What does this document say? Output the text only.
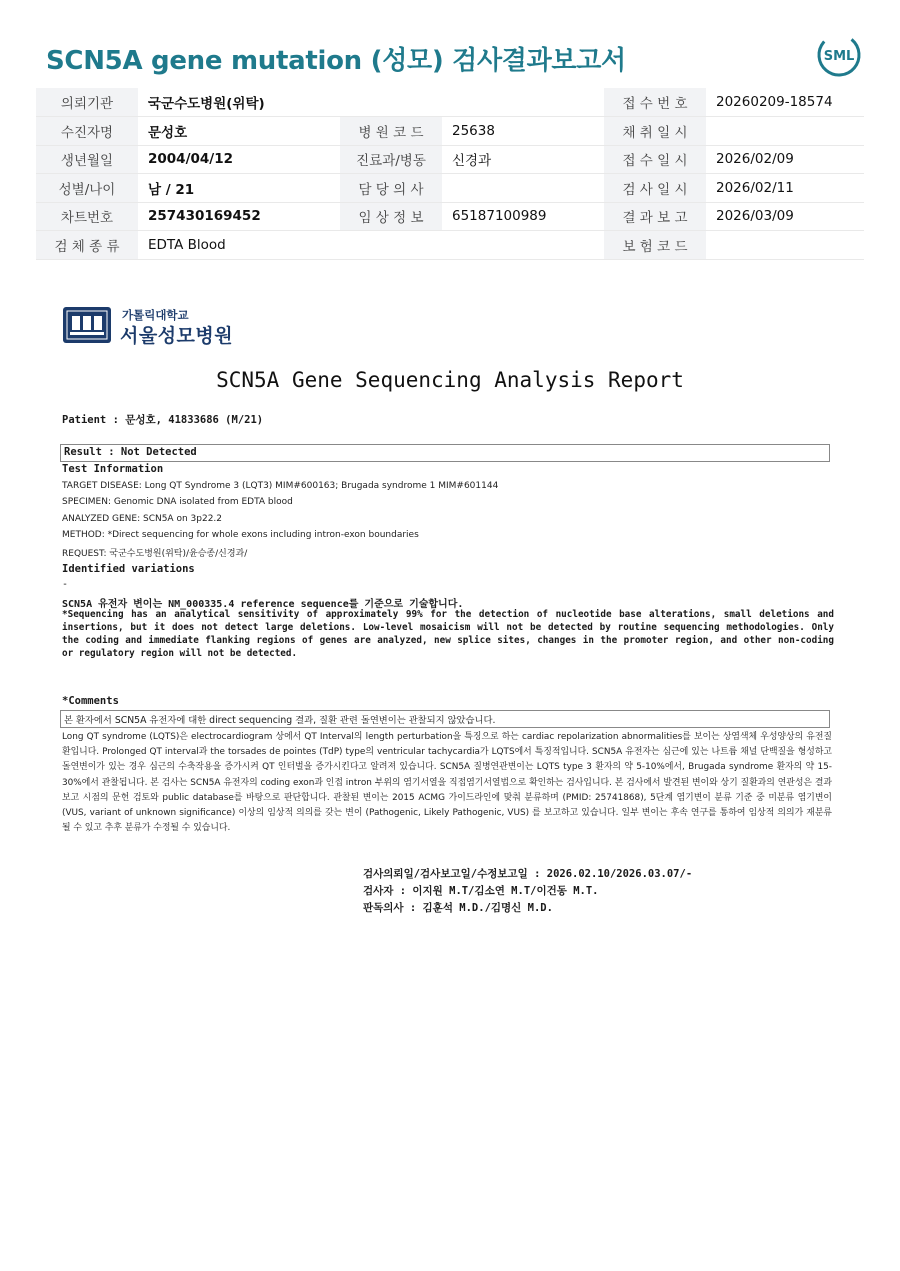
SCN5A gene mutation (성모) 검사결과보고서	SML
의뢰기관	국군수도병원(위탁)			접 수 번 호	20260209-18574
수진자명	문성호	병 원 코 드	25638	채 취 일 시	
생년월일	2004/04/12	진료과/병동	신경과	접 수 일 시	2026/02/09
성별/나이	남 / 21	담 당 의 사		검 사 일 시	2026/02/11
차트번호	257430169452	임 상 정 보	65187100989	결 과 보 고	2026/03/09
검 체 종 류	EDTA Blood			보 험 코 드	
가톨릭대학교
서울성모병원
SCN5A Gene Sequencing Analysis Report
Patient : 문성호, 41833686 (M/21)
Result : Not Detected
Test Information
TARGET DISEASE: Long QT Syndrome 3 (LQT3) MIM#600163; Brugada syndrome 1 MIM#601144
SPECIMEN: Genomic DNA isolated from EDTA blood
ANALYZED GENE: SCN5A on 3p22.2
METHOD: *Direct sequencing for whole exons including intron-exon boundaries
REQUEST: 국군수도병원(위탁)/윤승종/신경과/
Identified variations
-
SCN5A 유전자 변이는 NM_000335.4 reference sequence를 기준으로 기술합니다.
*Sequencing has an analytical sensitivity of approximately 99% for the detection of nucleotide base alterations, small deletions and insertions, but it does not detect large deletions. Low-level mosaicism will not be detected by routine sequencing methodologies. Only the coding and immediate flanking regions of genes are analyzed, new splice sites, changes in the promoter region, and other non-coding or regulatory region will not be detected.
*Comments
본 환자에서 SCN5A 유전자에 대한 direct sequencing 결과, 질환 관련 돌연변이는 관찰되지 않았습니다.
Long QT syndrome (LQTS)은 electrocardiogram 상에서 QT Interval의 length perturbation을 특징으로 하는 cardiac repolarization abnormalities를 보이는 상염색체 우성양상의 유전질환입니다. Prolonged QT interval과 the torsades de pointes (TdP) type의 ventricular tachycardia가 LQTS에서 특징적입니다. SCN5A 유전자는 심근에 있는 나트륨 채널 단백질을 형성하고 돌연변이가 있는 경우 심근의 수축작용을 증가시켜 QT 인터벌을 증가시킨다고 알려져 있습니다. SCN5A 질병연관변이는 LQTS type 3 환자의 약 5-10%에서, Brugada syndrome 환자의 약 15-30%에서 관찰됩니다. 본 검사는 SCN5A 유전자의 coding exon과 인접 intron 부위의 염기서열을 직접염기서열법으로 확인하는 검사입니다. 본 검사에서 발견된 변이와 상기 질환과의 연관성은 결과 보고 시점의 문헌 검토와 public database를 바탕으로 판단합니다. 관찰된 변이는 2015 ACMG 가이드라인에 맞춰 분류하며 (PMID: 25741868), 5단계 염기변이 분류 기준 중 미분류 염기변이 (VUS, variant of unknown significance) 이상의 임상적 의의를 갖는 변이 (Pathogenic, Likely Pathogenic, VUS) 를 보고하고 있습니다. 일부 변이는 후속 연구를 통하여 임상적 의의가 재분류 될 수 있고 추후 분류가 수정될 수 있습니다.
검사의뢰일/검사보고일/수정보고일 : 2026.02.10/2026.03.07/-
검사자 : 이지원 M.T/김소연 M.T/이건동 M.T.
판독의사 : 김훈석 M.D./김명신 M.D.
